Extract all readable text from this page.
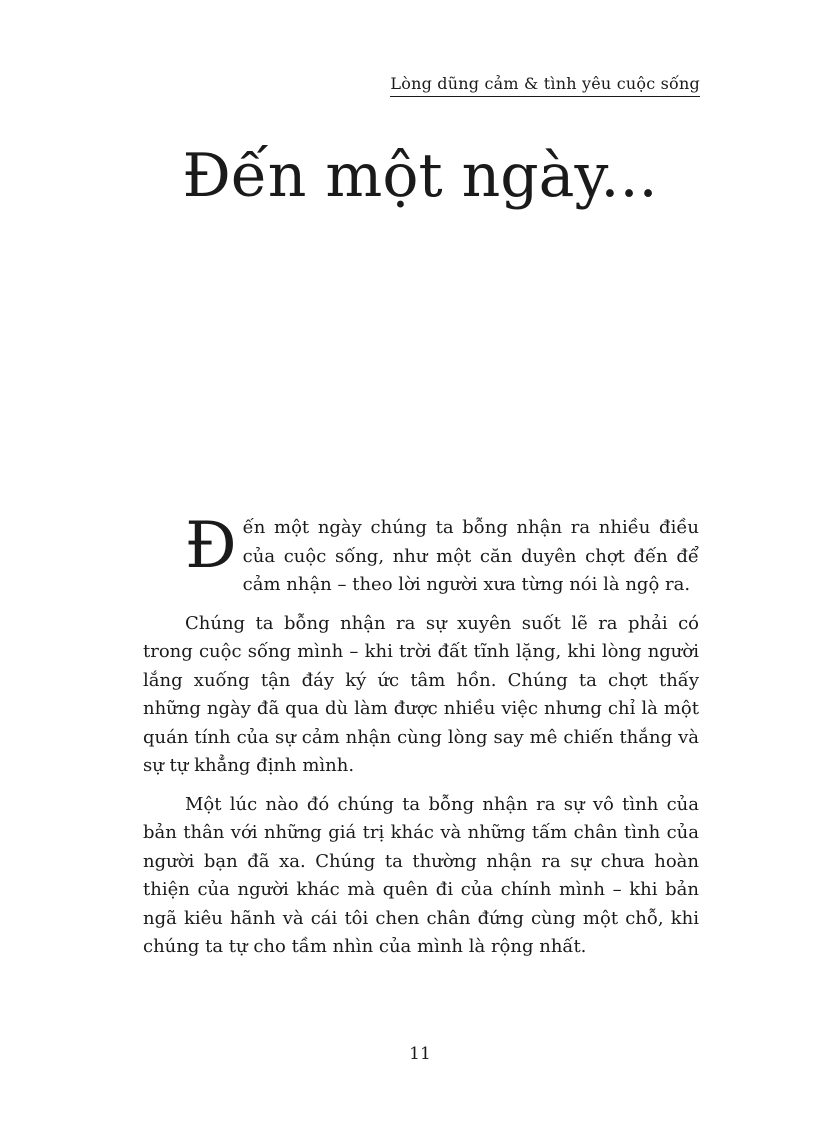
Lòng dũng cảm & tình yêu cuộc sống
Đến một ngày...

Đến một ngày chúng ta bỗng nhận ra nhiều điều của cuộc sống, như một căn duyên chợt đến để cảm nhận – theo lời người xưa từng nói là ngộ ra.

Chúng ta bỗng nhận ra sự xuyên suốt lẽ ra phải có trong cuộc sống mình – khi trời đất tĩnh lặng, khi lòng người lắng xuống tận đáy ký ức tâm hồn. Chúng ta chợt thấy những ngày đã qua dù làm được nhiều việc nhưng chỉ là một quán tính của sự cảm nhận cùng lòng say mê chiến thắng và sự tự khẳng định mình.

Một lúc nào đó chúng ta bỗng nhận ra sự vô tình của bản thân với những giá trị khác và những tấm chân tình của người bạn đã xa. Chúng ta thường nhận ra sự chưa hoàn thiện của người khác mà quên đi của chính mình – khi bản ngã kiêu hãnh và cái tôi chen chân đứng cùng một chỗ, khi chúng ta tự cho tầm nhìn của mình là rộng nhất.

11
